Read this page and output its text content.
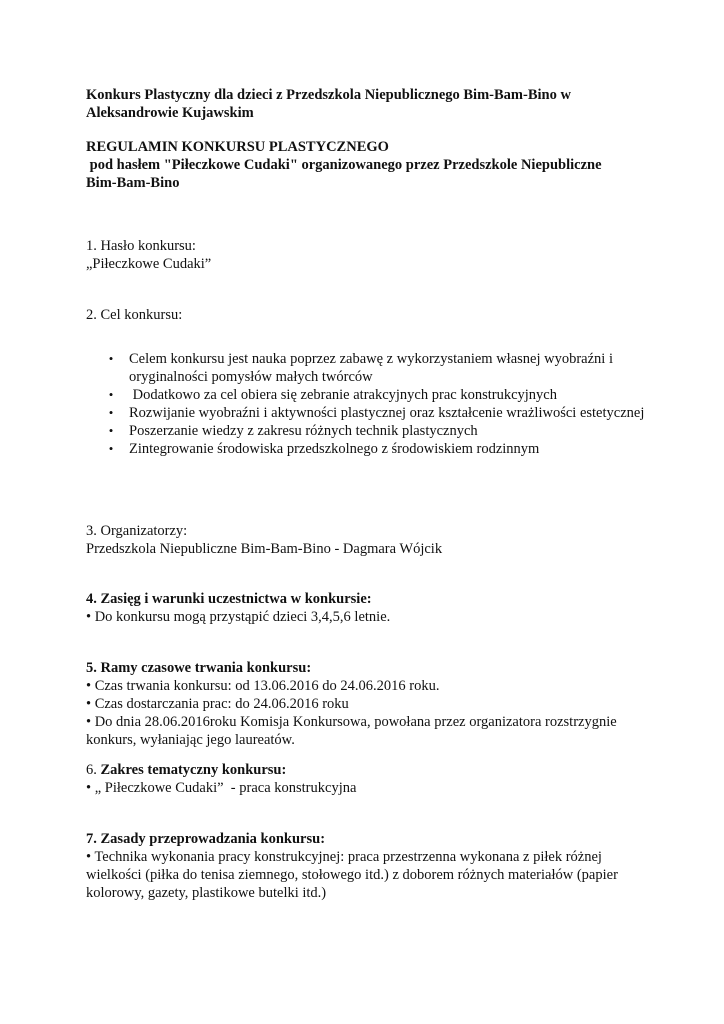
Konkurs Plastyczny dla dzieci z Przedszkola Niepublicznego Bim-Bam-Bino w
Aleksandrowie Kujawskim
REGULAMIN KONKURSU PLASTYCZNEGO
pod hasłem "Piłeczkowe Cudaki" organizowanego przez Przedszkole Niepubliczne
Bim-Bam-Bino
1. Hasło konkursu:
„Piłeczkowe Cudaki”
2. Cel konkursu:
• Celem konkursu jest nauka poprzez zabawę z wykorzystaniem własnej wyobraźni i oryginalności pomysłów małych twórców
• Dodatkowo za cel obiera się zebranie atrakcyjnych prac konstrukcyjnych
• Rozwijanie wyobraźni i aktywności plastycznej oraz kształcenie wrażliwości estetycznej
• Poszerzanie wiedzy z zakresu różnych technik plastycznych
• Zintegrowanie środowiska przedszkolnego z środowiskiem rodzinnym
3. Organizatorzy:
Przedszkola Niepubliczne Bim-Bam-Bino - Dagmara Wójcik
4. Zasięg i warunki uczestnictwa w konkursie:
• Do konkursu mogą przystąpić dzieci 3,4,5,6 letnie.
5. Ramy czasowe trwania konkursu:

• Czas trwania konkursu: od 13.06.2016 do 24.06.2016 roku.

• Czas dostarczania prac: do 24.06.2016 roku

• Do dnia 28.06.2016roku Komisja Konkursowa, powołana przez organizatora rozstrzygnie konkurs, wyłaniając jego laureatów.

6. Zakres tematyczny konkursu:
• „ Piłeczkowe Cudaki”  - praca konstrukcyjna
7. Zasady przeprowadzania konkursu:

• Technika wykonania pracy konstrukcyjnej: praca przestrzenna wykonana z piłek różnej wielkości (piłka do tenisa ziemnego, stołowego itd.) z doborem różnych materiałów (papier kolorowy, gazety, plastikowe butelki itd.)
